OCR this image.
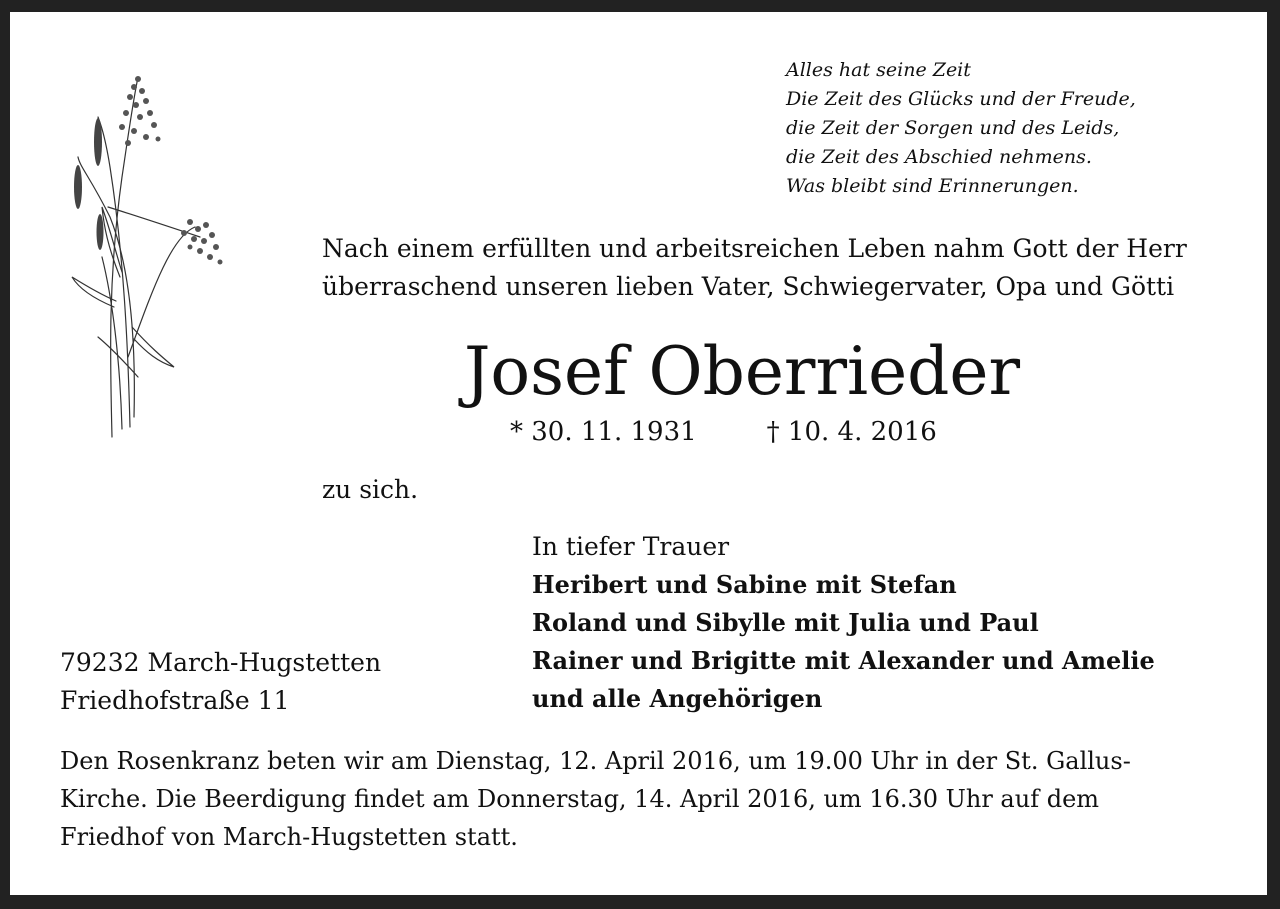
Alles hat seine Zeit
Die Zeit des Glücks und der Freude,
die Zeit der Sorgen und des Leids,
die Zeit des Abschied nehmens.
Was bleibt sind Erinnerungen.
Nach einem erfüllten und arbeitsreichen Leben nahm Gott der Herr
überraschend unseren lieben Vater, Schwiegervater, Opa und Götti
Josef Oberrieder
* 30. 11. 1931	† 10. 4. 2016
zu sich.
In tiefer Trauer
Heribert und Sabine mit Stefan
Roland und Sibylle mit Julia und Paul
Rainer und Brigitte mit Alexander und Amelie
und alle Angehörigen
79232 March-Hugstetten
Friedhofstraße 11
Den Rosenkranz beten wir am Dienstag, 12. April 2016, um 19.00 Uhr in der St. Gallus-
Kirche. Die Beerdigung findet am Donnerstag, 14. April 2016, um 16.30 Uhr auf dem
Friedhof von March-Hugstetten statt.
